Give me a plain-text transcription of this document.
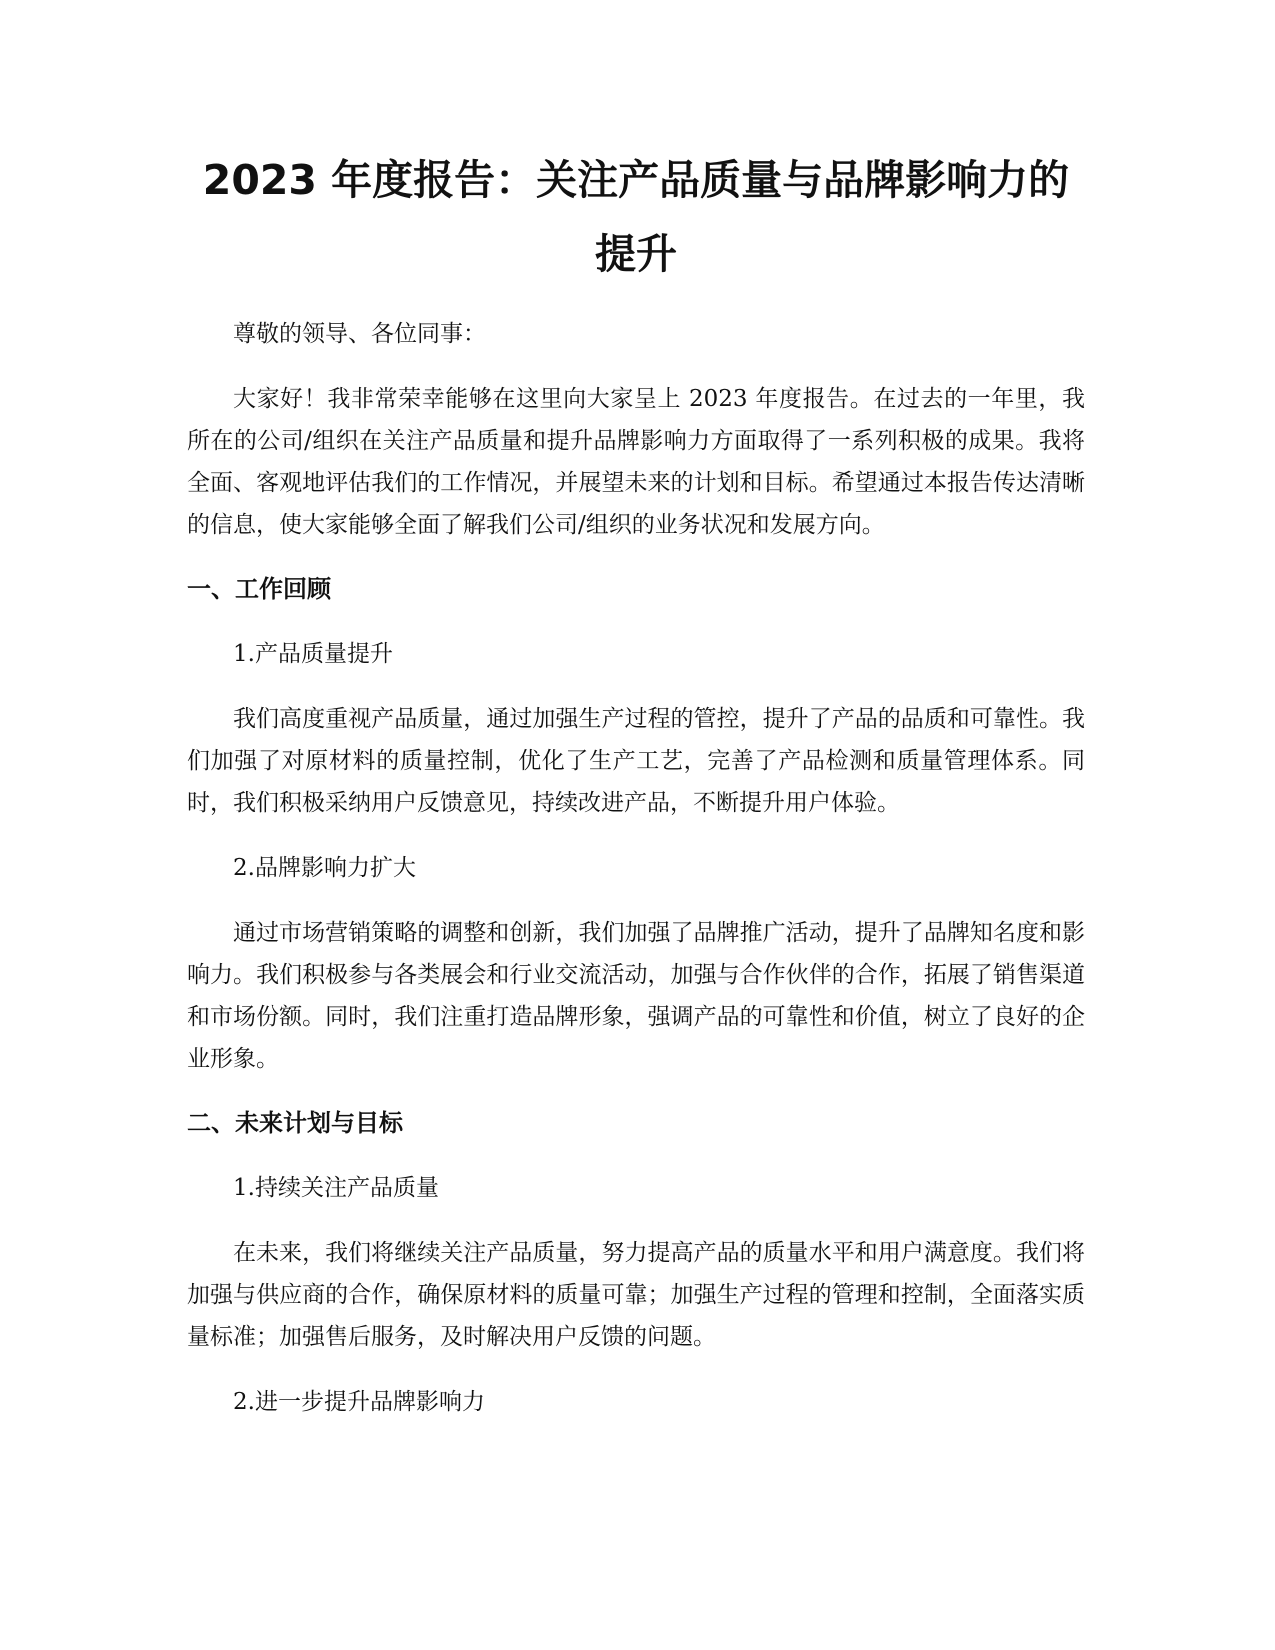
2023 年度报告：关注产品质量与品牌影响力的提升

尊敬的领导、各位同事：

大家好！我非常荣幸能够在这里向大家呈上 2023 年度报告。在过去的一年里，我所在的公司/组织在关注产品质量和提升品牌影响力方面取得了一系列积极的成果。我将全面、客观地评估我们的工作情况，并展望未来的计划和目标。希望通过本报告传达清晰的信息，使大家能够全面了解我们公司/组织的业务状况和发展方向。

一、工作回顾

1.产品质量提升

我们高度重视产品质量，通过加强生产过程的管控，提升了产品的品质和可靠性。我们加强了对原材料的质量控制，优化了生产工艺，完善了产品检测和质量管理体系。同时，我们积极采纳用户反馈意见，持续改进产品，不断提升用户体验。

2.品牌影响力扩大

通过市场营销策略的调整和创新，我们加强了品牌推广活动，提升了品牌知名度和影响力。我们积极参与各类展会和行业交流活动，加强与合作伙伴的合作，拓展了销售渠道和市场份额。同时，我们注重打造品牌形象，强调产品的可靠性和价值，树立了良好的企业形象。

二、未来计划与目标

1.持续关注产品质量

在未来，我们将继续关注产品质量，努力提高产品的质量水平和用户满意度。我们将加强与供应商的合作，确保原材料的质量可靠；加强生产过程的管理和控制，全面落实质量标准；加强售后服务，及时解决用户反馈的问题。

2.进一步提升品牌影响力
